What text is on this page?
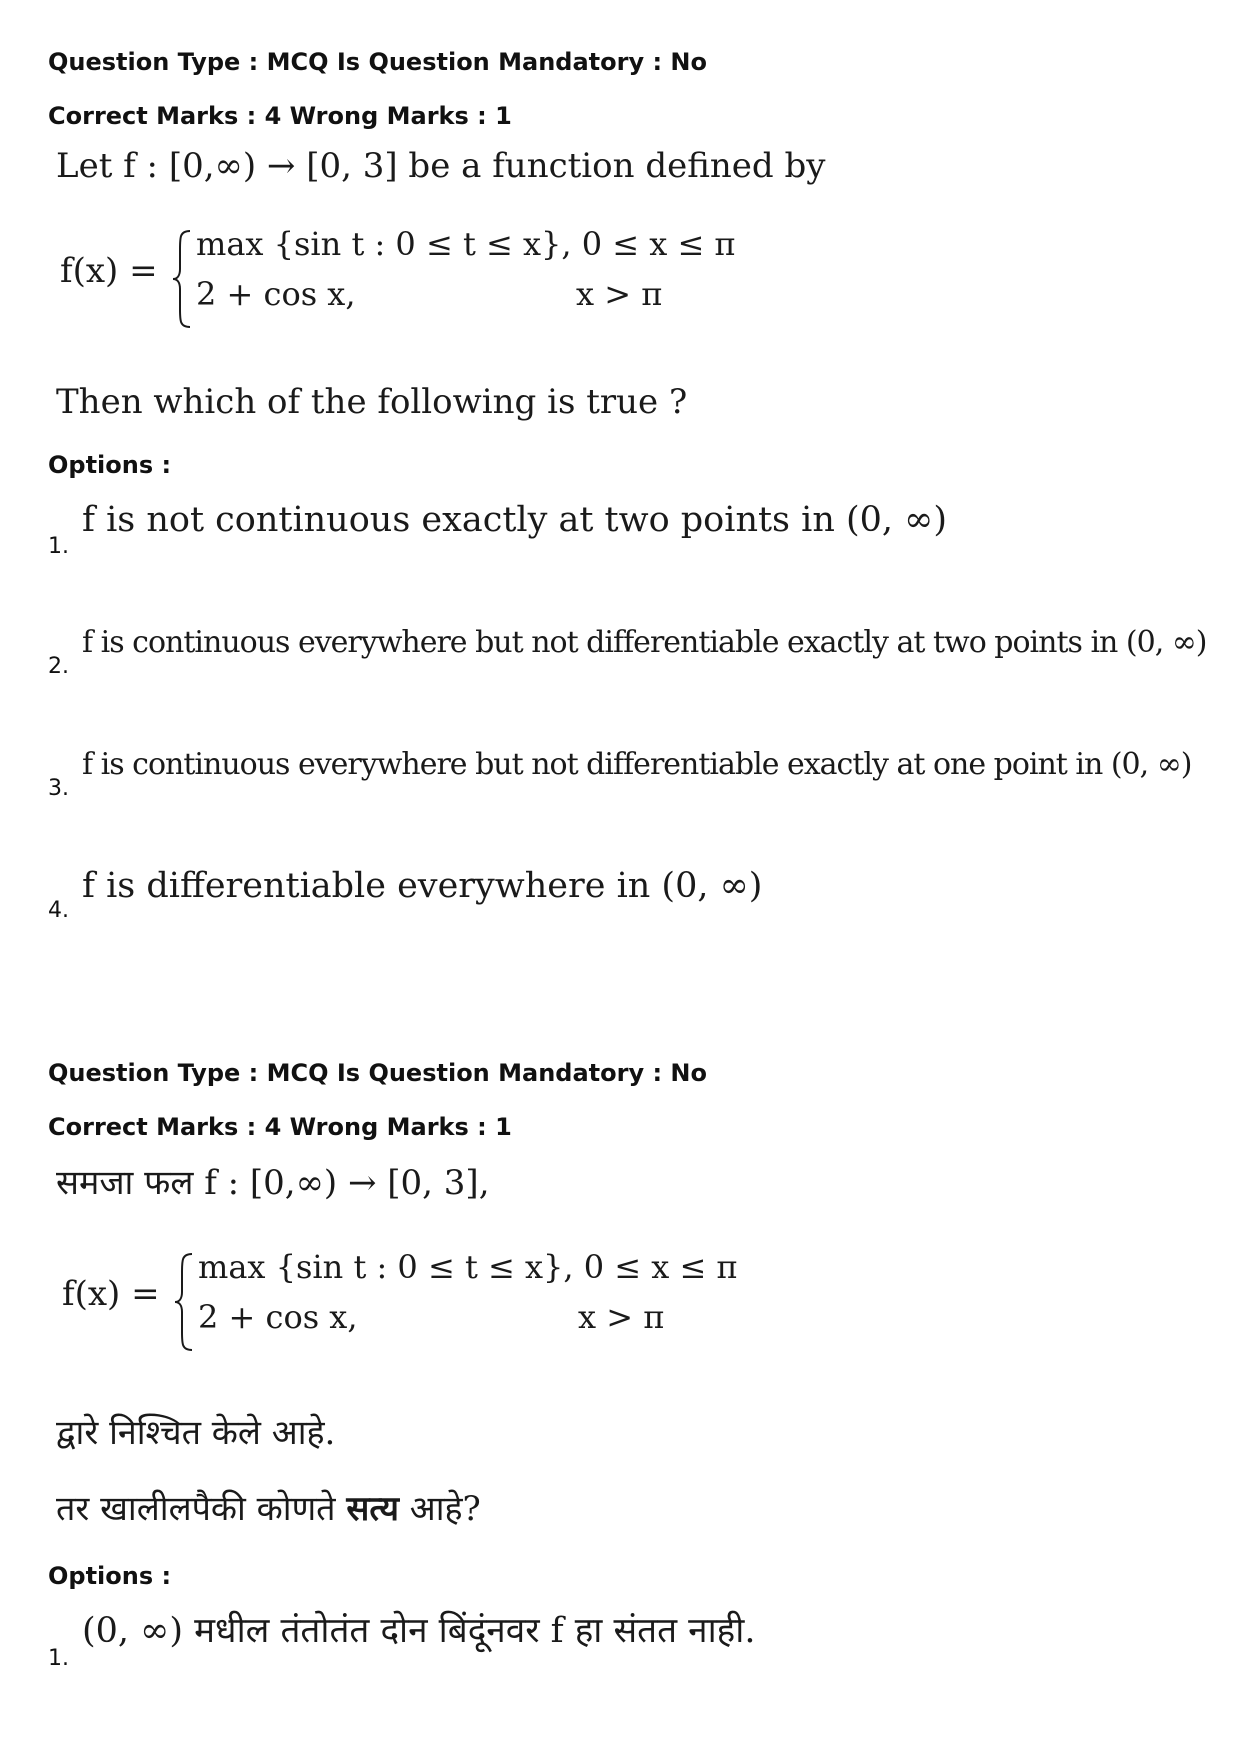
Question Type : MCQ Is Question Mandatory : No
Correct Marks : 4 Wrong Marks : 1
Let f : [0,∞) → [0, 3] be a function defined by
f(x) =
max {sin t : 0 ≤ t ≤ x}, 0 ≤ x ≤ π
2 + cos x,	x > π
Then which of the following is true ?
Options :
1.
f is not continuous exactly at two points in (0, ∞)
2.
f is continuous everywhere but not differentiable exactly at two points in (0, ∞)
3.
f is continuous everywhere but not differentiable exactly at one point in (0, ∞)
4.
f is differentiable everywhere in (0, ∞)
Question Type : MCQ Is Question Mandatory : No
Correct Marks : 4 Wrong Marks : 1
समजा फल f : [0,∞) → [0, 3],
f(x) =
max {sin t : 0 ≤ t ≤ x}, 0 ≤ x ≤ π
2 + cos x,	x > π
द्वारे निश्चित केले आहे.
तर खालीलपैकी कोणते सत्य आहे?
Options :
1.
(0, ∞) मधील तंतोतंत दोन बिंदूंनवर f हा संतत नाही.
